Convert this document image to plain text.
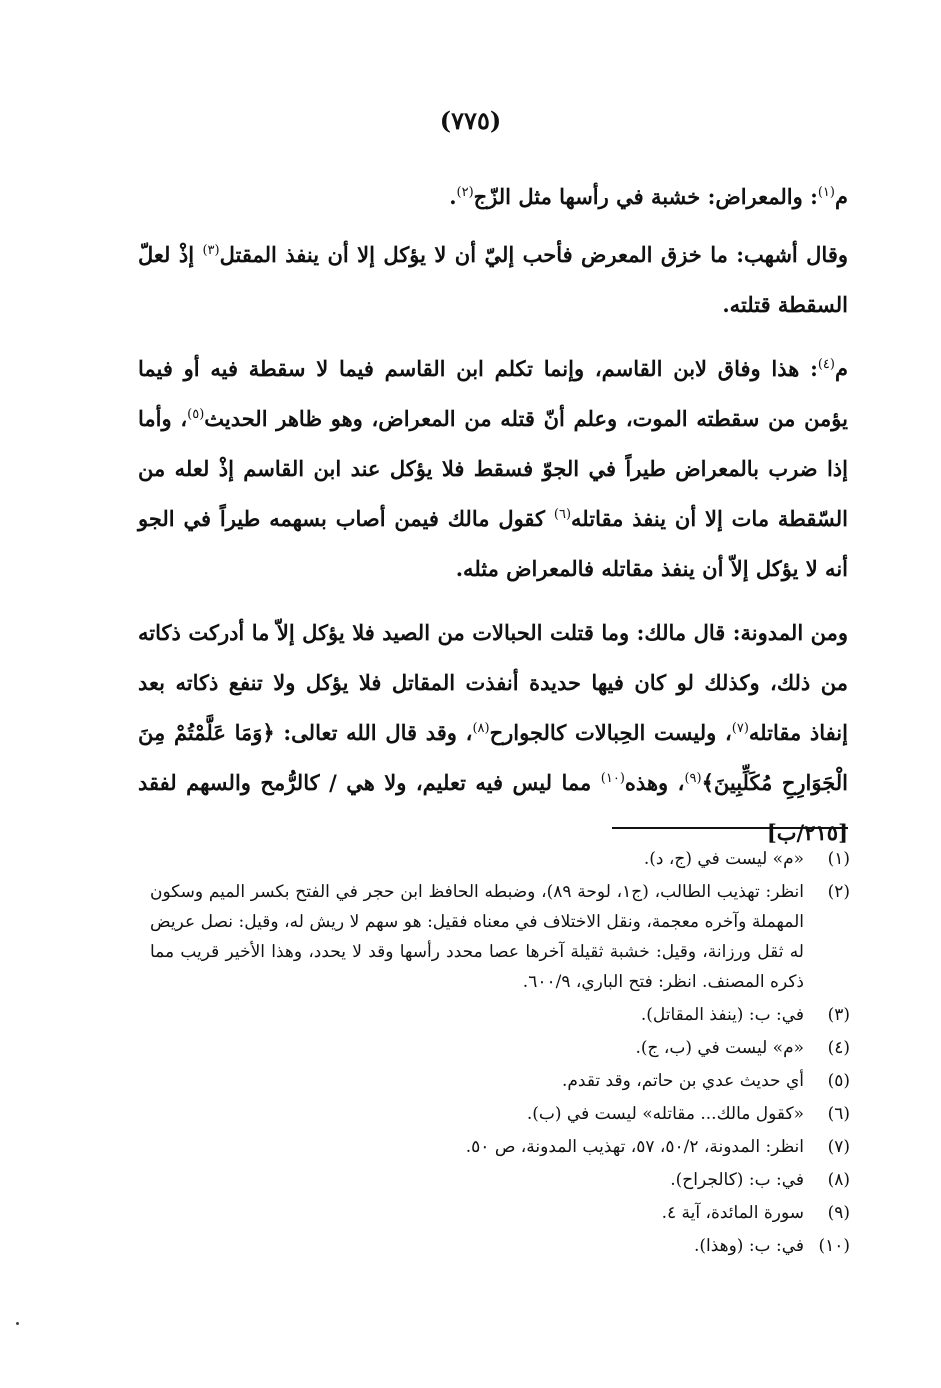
(٧٧٥)

م$^{(١)}$: والمعراض: خشبة في رأسها مثل الزّج$^{(٢)}$.

وقال أشهب: ما خزق المعرض فأحب إليّ أن لا يؤكل إلا أن ينفذ المقتل$^{(٣)}$ إذْ لعلّ السقطة قتلته.

م$^{(٤)}$: هذا وفاق لابن القاسم، وإنما تكلم ابن القاسم فيما لا سقطة فيه أو فيما يؤمن من سقطته الموت، وعلم أنّ قتله من المعراض، وهو ظاهر الحديث$^{(٥)}$، وأما إذا ضرب بالمعراض طيراً في الجوّ فسقط فلا يؤكل عند ابن القاسم إذْ لعله من السّقطة مات إلا أن ينفذ مقاتله$^{(٦)}$ كقول مالك فيمن أصاب بسهمه طيراً في الجو أنه لا يؤكل إلاّ أن ينفذ مقاتله فالمعراض مثله.

ومن المدونة: قال مالك: وما قتلت الحبالات من الصيد فلا يؤكل إلاّ ما أدركت ذكاته من ذلك، وكذلك لو كان فيها حديدة أنفذت المقاتل فلا يؤكل ولا تنفع ذكاته بعد إنفاذ مقاتله$^{(٧)}$، وليست الحِبالات كالجوارح$^{(٨)}$، وقد قال الله تعالى: ﴿وَمَا عَلَّمْتُمْ مِنَ الْجَوَارِحِ مُكَلِّبِينَ﴾$^{(٩)}$، وهذه$^{(١٠)}$ مما ليس فيه تعليم، ولا هي / كالرُّمح والسهم لفقد [٢١٥/ب]

(١)
«م» ليست في (ج، د).
(٢)
انظر: تهذيب الطالب، (ج١، لوحة ٨٩)، وضبطه الحافظ ابن حجر في الفتح بكسر الميم وسكون المهملة وآخره معجمة، ونقل الاختلاف في معناه فقيل: هو سهم لا ريش له، وقيل: نصل عريض له ثقل ورزانة، وقيل: خشبة ثقيلة آخرها عصا محدد رأسها وقد لا يحدد، وهذا الأخير قريب مما ذكره المصنف. انظر: فتح الباري، ٦٠٠/٩.
(٣)
في: ب: (ينفذ المقاتل).
(٤)
«م» ليست في (ب، ج).
(٥)
أي حديث عدي بن حاتم، وقد تقدم.
(٦)
«كقول مالك... مقاتله» ليست في (ب).
(٧)
انظر: المدونة، ٥٠/٢، ٥٧، تهذيب المدونة، ص ٥٠.
(٨)
في: ب: (كالجراح).
(٩)
سورة المائدة، آية ٤.
(١٠)
في: ب: (وهذا).
